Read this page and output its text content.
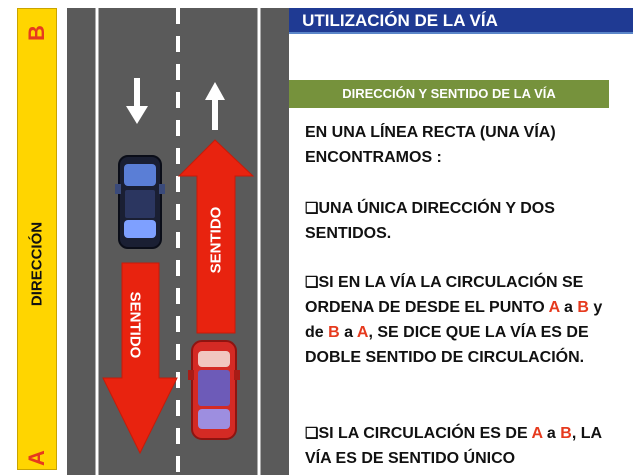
UTILIZACIÓN DE LA VÍA
B
DIRECCIÓN
A
SENTIDO
SENTIDO
DIRECCIÓN Y SENTIDO DE LA VÍA
EN UNA LÍNEA RECTA (UNA VÍA) ENCONTRAMOS :
❑UNA ÚNICA DIRECCIÓN Y DOS SENTIDOS.
❑SI EN LA VÍA LA CIRCULACIÓN SE ORDENA DE DESDE EL PUNTO A a B y de B a A, SE DICE QUE LA VÍA ES DE DOBLE SENTIDO DE CIRCULACIÓN.
❑SI LA CIRCULACIÓN ES DE A a B, LA VÍA ES DE SENTIDO ÚNICO
